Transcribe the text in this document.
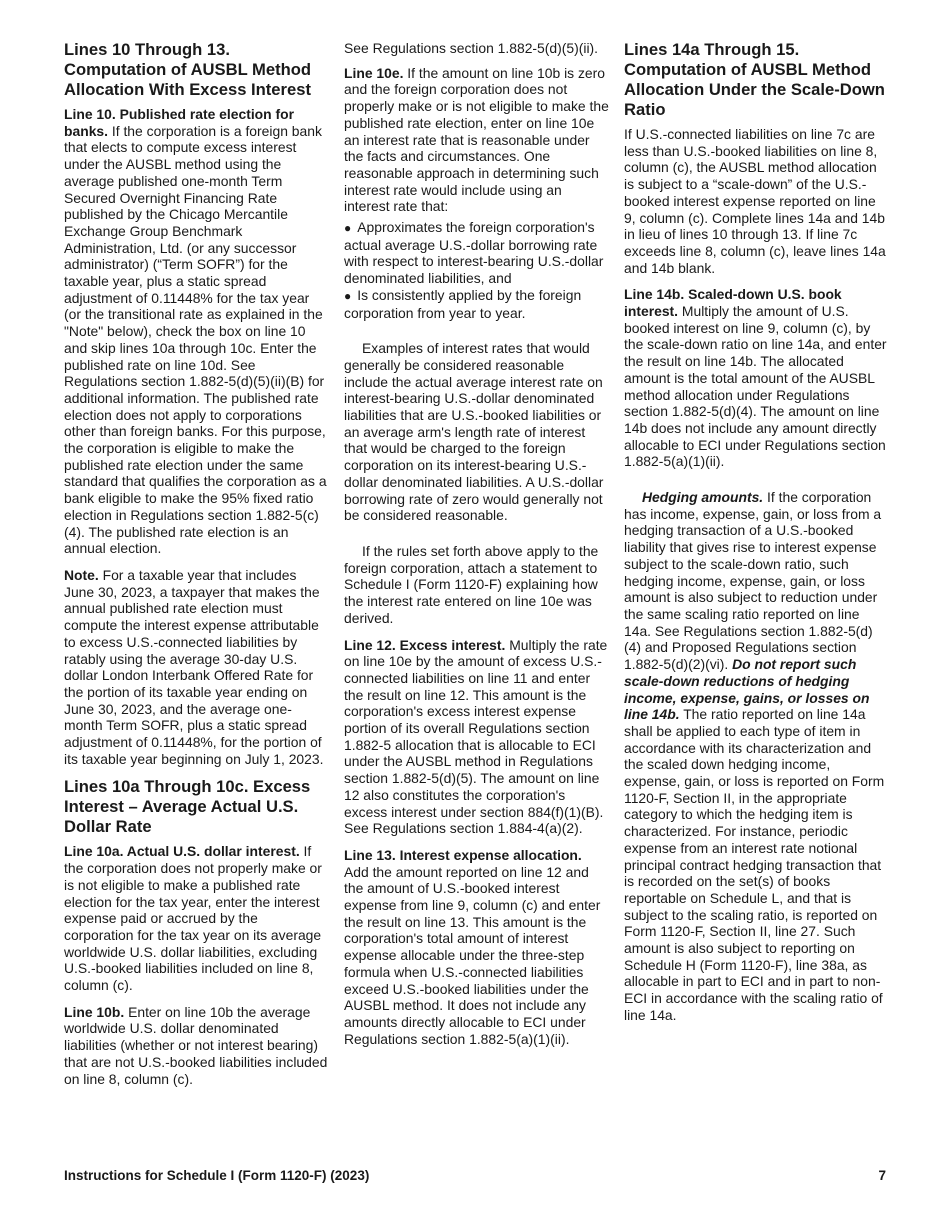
Lines 10 Through 13. Computation of AUSBL Method Allocation With Excess Interest

Line 10. Published rate election for banks. If the corporation is a foreign bank that elects to compute excess interest under the AUSBL method using the average published one-month Term Secured Overnight Financing Rate published by the Chicago Mercantile Exchange Group Benchmark Administration, Ltd. (or any successor administrator) (“Term SOFR”) for the taxable year, plus a static spread adjustment of 0.11448% for the tax year (or the transitional rate as explained in the "Note" below), check the box on line 10 and skip lines 10a through 10c. Enter the published rate on line 10d. See Regulations section 1.882-5(d)(5)(ii)(B) for additional information. The published rate election does not apply to corporations other than foreign banks. For this purpose, the corporation is eligible to make the published rate election under the same standard that qualifies the corporation as a bank eligible to make the 95% fixed ratio election in Regulations section 1.882-5(c)(4). The published rate election is an annual election.

Note. For a taxable year that includes June 30, 2023, a taxpayer that makes the annual published rate election must compute the interest expense attributable to excess U.S.-connected liabilities by ratably using the average 30-day U.S. dollar London Interbank Offered Rate for the portion of its taxable year ending on June 30, 2023, and the average one-month Term SOFR, plus a static spread adjustment of 0.11448%, for the portion of its taxable year beginning on July 1, 2023.

Lines 10a Through 10c. Excess Interest – Average Actual U.S. Dollar Rate

Line 10a. Actual U.S. dollar interest. If the corporation does not properly make or is not eligible to make a published rate election for the tax year, enter the interest expense paid or accrued by the corporation for the tax year on its average worldwide U.S. dollar liabilities, excluding U.S.-booked liabilities included on line 8, column (c).

Line 10b. Enter on line 10b the average worldwide U.S. dollar denominated liabilities (whether or not interest bearing) that are not U.S.-booked liabilities included on line 8, column (c).

See Regulations section 1.882-5(d)(5)(ii).

Line 10e. If the amount on line 10b is zero and the foreign corporation does not properly make or is not eligible to make the published rate election, enter on line 10e an interest rate that is reasonable under the facts and circumstances. One reasonable approach in determining such interest rate would include using an interest rate that:

● Approximates the foreign corporation's actual average U.S.-dollar borrowing rate with respect to interest-bearing U.S.-dollar denominated liabilities, and
● Is consistently applied by the foreign corporation from year to year.

Examples of interest rates that would generally be considered reasonable include the actual average interest rate on interest-bearing U.S.-dollar denominated liabilities that are U.S.-booked liabilities or an average arm's length rate of interest that would be charged to the foreign corporation on its interest-bearing U.S.-dollar denominated liabilities. A U.S.-dollar borrowing rate of zero would generally not be considered reasonable.

If the rules set forth above apply to the foreign corporation, attach a statement to Schedule I (Form 1120-F) explaining how the interest rate entered on line 10e was derived.

Line 12. Excess interest. Multiply the rate on line 10e by the amount of excess U.S.-connected liabilities on line 11 and enter the result on line 12. This amount is the corporation's excess interest expense portion of its overall Regulations section 1.882-5 allocation that is allocable to ECI under the AUSBL method in Regulations section 1.882-5(d)(5). The amount on line 12 also constitutes the corporation's excess interest under section 884(f)(1)(B). See Regulations section 1.884-4(a)(2).

Line 13. Interest expense allocation. Add the amount reported on line 12 and the amount of U.S.-booked interest expense from line 9, column (c) and enter the result on line 13. This amount is the corporation's total amount of interest expense allocable under the three-step formula when U.S.-connected liabilities exceed U.S.-booked liabilities under the AUSBL method. It does not include any amounts directly allocable to ECI under Regulations section 1.882-5(a)(1)(ii).

Lines 14a Through 15. Computation of AUSBL Method Allocation Under the Scale-Down Ratio

If U.S.-connected liabilities on line 7c are less than U.S.-booked liabilities on line 8, column (c), the AUSBL method allocation is subject to a “scale-down” of the U.S.-booked interest expense reported on line 9, column (c). Complete lines 14a and 14b in lieu of lines 10 through 13. If line 7c exceeds line 8, column (c), leave lines 14a and 14b blank.

Line 14b. Scaled-down U.S. book interest. Multiply the amount of U.S. booked interest on line 9, column (c), by the scale-down ratio on line 14a, and enter the result on line 14b. The allocated amount is the total amount of the AUSBL method allocation under Regulations section 1.882-5(d)(4). The amount on line 14b does not include any amount directly allocable to ECI under Regulations section 1.882-5(a)(1)(ii).

Hedging amounts. If the corporation has income, expense, gain, or loss from a hedging transaction of a U.S.-booked liability that gives rise to interest expense subject to the scale-down ratio, such hedging income, expense, gain, or loss amount is also subject to reduction under the same scaling ratio reported on line 14a. See Regulations section 1.882-5(d)(4) and Proposed Regulations section 1.882-5(d)(2)(vi). Do not report such scale-down reductions of hedging income, expense, gains, or losses on line 14b. The ratio reported on line 14a shall be applied to each type of item in accordance with its characterization and the scaled down hedging income, expense, gain, or loss is reported on Form 1120-F, Section II, in the appropriate category to which the hedging item is characterized. For instance, periodic expense from an interest rate notional principal contract hedging transaction that is recorded on the set(s) of books reportable on Schedule L, and that is subject to the scaling ratio, is reported on Form 1120-F, Section II, line 27. Such amount is also subject to reporting on Schedule H (Form 1120-F), line 38a, as allocable in part to ECI and in part to non-ECI in accordance with the scaling ratio of line 14a.

Instructions for Schedule I (Form 1120-F) (2023)	7
